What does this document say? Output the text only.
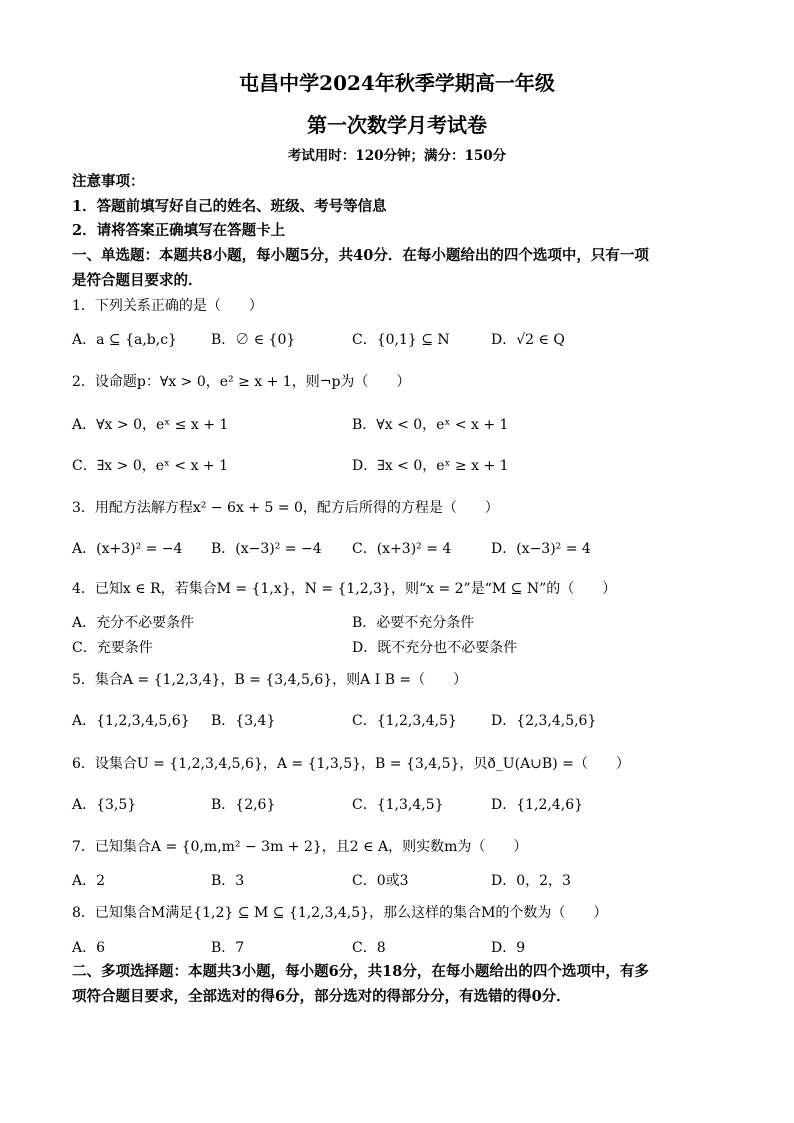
屯昌中学2024年秋季学期高一年级
第一次数学月考试卷
考试用时：120分钟；满分：150分
注意事项：
1．答题前填写好自己的姓名、班级、考号等信息
2．请将答案正确填写在答题卡上
一、单选题：本题共8小题，每小题5分，共40分．在每小题给出的四个选项中，只有一项
是符合题目要求的．
1．下列关系正确的是（　　）
A．a ⊆ {a,b,c} B．∅ ∈ {0}	C．{0,1} ⊆ N	D．√2 ∈ Q
2．设命题p：∀x > 0，e² ≥ x + 1，则¬p为（　　）
A．∀x > 0，eˣ ≤ x + 1	B．∀x < 0，eˣ < x + 1
C．∃x > 0，eˣ < x + 1	D．∃x < 0，eˣ ≥ x + 1
3．用配方法解方程x² − 6x + 5 = 0，配方后所得的方程是（　　）
A．(x+3)² = −4 B．(x−3)² = −4 C．(x+3)² = 4	D．(x−3)² = 4
4．已知x ∈ R，若集合M = {1,x}，N = {1,2,3}，则“x = 2”是“M ⊆ N”的（　　）
A．充分不必要条件	B．必要不充分条件
C．充要条件	D．既不充分也不必要条件
5．集合A = {1,2,3,4}，B = {3,4,5,6}，则A I B =（　　）
A．{1,2,3,4,5,6} B．{3,4}	C．{1,2,3,4,5} D．{2,3,4,5,6}
6．设集合U = {1,2,3,4,5,6}，A = {1,3,5}，B = {3,4,5}，贝ð_U(A∪B) =（　　）
A．{3,5}	B．{2,6}	C．{1,3,4,5}	D．{1,2,4,6}
7．已知集合A = {0,m,m² − 3m + 2}，且2 ∈ A，则实数m为（　　）
A．2	B．3	C．0或3	D．0，2，3
8．已知集合M满足{1,2} ⊆ M ⊆ {1,2,3,4,5}，那么这样的集合M的个数为（　　）
A．6	B．7	C．8	D．9
二、多项选择题：本题共3小题，每小题6分，共18分，在每小题给出的四个选项中，有多
项符合题目要求，全部选对的得6分，部分选对的得部分分，有选错的得0分．
